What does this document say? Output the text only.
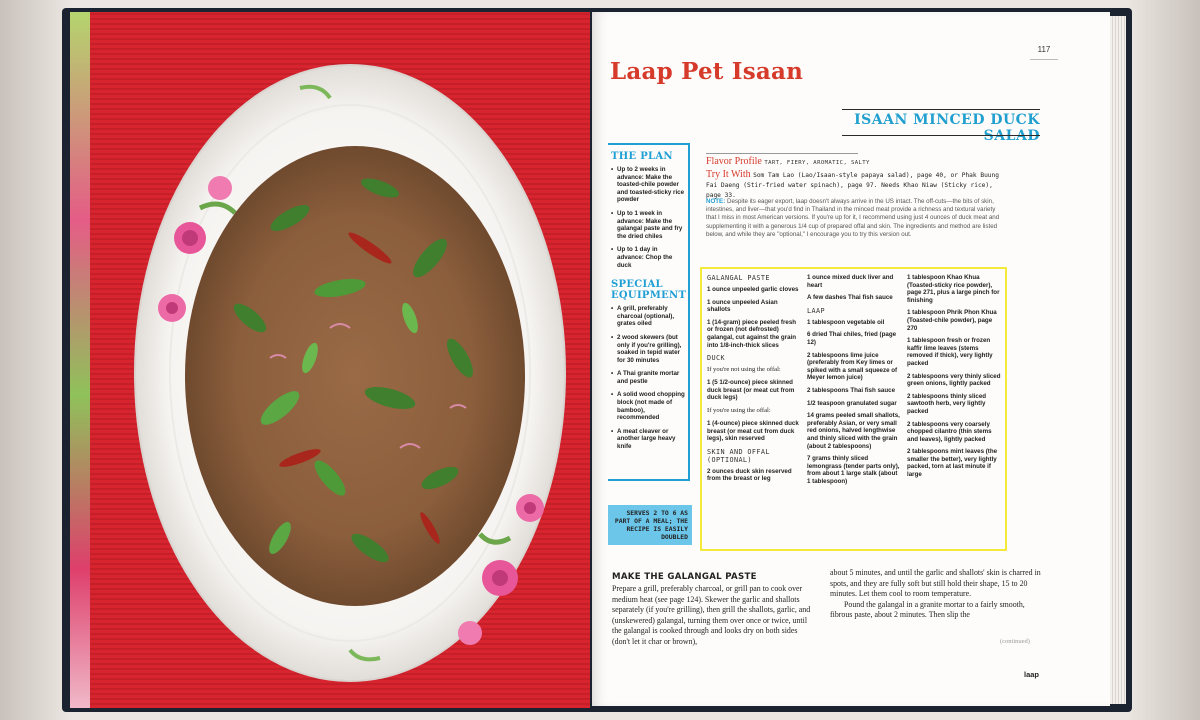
117
Laap Pet Isaan
ISAAN MINCED DUCK SALAD
THE PLAN
• Up to 2 weeks in advance: Make the toasted-chile powder and toasted-sticky rice powder
• Up to 1 week in advance: Make the galangal paste and fry the dried chiles
• Up to 1 day in advance: Chop the duck
SPECIAL EQUIPMENT
• A grill, preferably charcoal (optional), grates oiled
• 2 wood skewers (but only if you're grilling), soaked in tepid water for 30 minutes
• A Thai granite mortar and pestle
• A solid wood chopping block (not made of bamboo), recommended
• A meat cleaver or another large heavy knife
SERVES 2 TO 6 AS PART OF A MEAL; THE RECIPE IS EASILY DOUBLED
Flavor Profile TART, FIERY, AROMATIC, SALTY
Try It With Som Tam Lao (Lao/Isaan-style papaya salad), page 40, or Phak Buung Fai Daeng (Stir-fried water spinach), page 97. Needs Khao Niaw (Sticky rice), page 33.
NOTE: Despite its eager export, laap doesn't always arrive in the US intact. The off-cuts—the bits of skin, intestines, and liver—that you'd find in Thailand in the minced meat provide a richness and textural variety that I miss in most American versions. If you're up for it, I recommend using just 4 ounces of duck meat and supplementing it with a generous 1/4 cup of prepared offal and skin. The ingredients and method are listed below, and while they are "optional," I encourage you to try this version out.
GALANGAL PASTE
1 ounce unpeeled garlic cloves
1 ounce unpeeled Asian shallots
1 (14-gram) piece peeled fresh or frozen (not defrosted) galangal, cut against the grain into 1/8-inch-thick slices
DUCK
If you're not using the offal:
1 (5 1/2-ounce) piece skinned duck breast (or meat cut from duck legs)
If you're using the offal:
1 (4-ounce) piece skinned duck breast (or meat cut from duck legs), skin reserved
SKIN AND OFFAL (OPTIONAL)
2 ounces duck skin reserved from the breast or leg
1 ounce mixed duck liver and heart
A few dashes Thai fish sauce
LAAP
1 tablespoon vegetable oil
6 dried Thai chiles, fried (page 12)
2 tablespoons lime juice (preferably from Key limes or spiked with a small squeeze of Meyer lemon juice)
2 tablespoons Thai fish sauce
1/2 teaspoon granulated sugar
14 grams peeled small shallots, preferably Asian, or very small red onions, halved lengthwise and thinly sliced with the grain (about 2 tablespoons)
7 grams thinly sliced lemongrass (tender parts only), from about 1 large stalk (about 1 tablespoon)
1 tablespoon Khao Khua (Toasted-sticky rice powder), page 271, plus a large pinch for finishing
1 tablespoon Phrik Phon Khua (Toasted-chile powder), page 270
1 tablespoon fresh or frozen kaffir lime leaves (stems removed if thick), very lightly packed
2 tablespoons very thinly sliced green onions, lightly packed
2 tablespoons thinly sliced sawtooth herb, very lightly packed
2 tablespoons very coarsely chopped cilantro (thin stems and leaves), lightly packed
2 tablespoons mint leaves (the smaller the better), very lightly packed, torn at last minute if large
MAKE THE GALANGAL PASTE

Prepare a grill, preferably charcoal, or grill pan to cook over medium heat (see page 124). Skewer the garlic and shallots separately (if you're grilling), then grill the shallots, garlic, and (unskewered) galangal, turning them over once or twice, until the galangal is cooked through and looks dry on both sides (don't let it char or brown),

about 5 minutes, and until the garlic and shallots' skin is charred in spots, and they are fully soft but still hold their shape, 15 to 20 minutes. Let them cool to room temperature.

Pound the galangal in a granite mortar to a fairly smooth, fibrous paste, about 2 minutes. Then slip the

(continued)
laap
